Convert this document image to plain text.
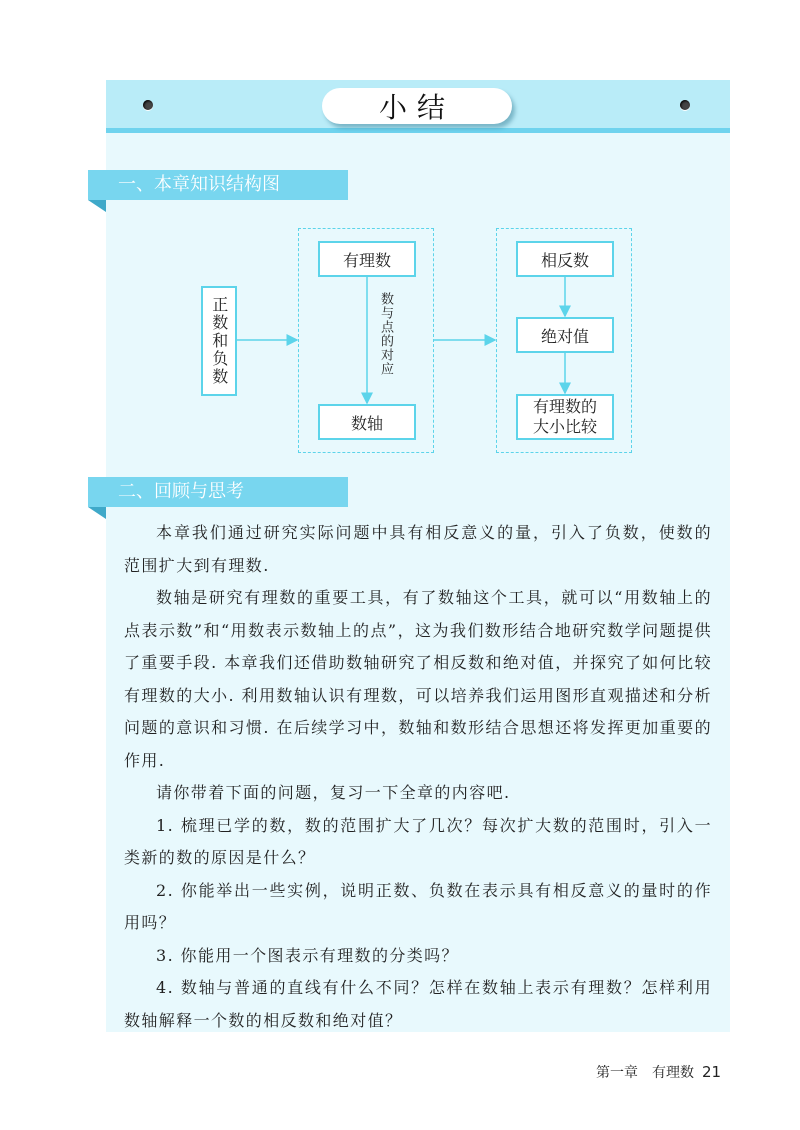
小结
一、本章知识结构图
正数和负数
有理数
数轴
数与点的对应
相反数
绝对值
有理数的
大小比较
二、回顾与思考

本章我们通过研究实际问题中具有相反意义的量，引入了负数，使数的范围扩大到有理数.

数轴是研究有理数的重要工具，有了数轴这个工具，就可以“用数轴上的点表示数”和“用数表示数轴上的点”，这为我们数形结合地研究数学问题提供了重要手段. 本章我们还借助数轴研究了相反数和绝对值，并探究了如何比较有理数的大小. 利用数轴认识有理数，可以培养我们运用图形直观描述和分析问题的意识和习惯. 在后续学习中，数轴和数形结合思想还将发挥更加重要的作用.

请你带着下面的问题，复习一下全章的内容吧.

1. 梳理已学的数，数的范围扩大了几次？每次扩大数的范围时，引入一类新的数的原因是什么？

2. 你能举出一些实例，说明正数、负数在表示具有相反意义的量时的作用吗？

3. 你能用一个图表示有理数的分类吗？

4. 数轴与普通的直线有什么不同？怎样在数轴上表示有理数？怎样利用数轴解释一个数的相反数和绝对值？

第一章　有理数 21
